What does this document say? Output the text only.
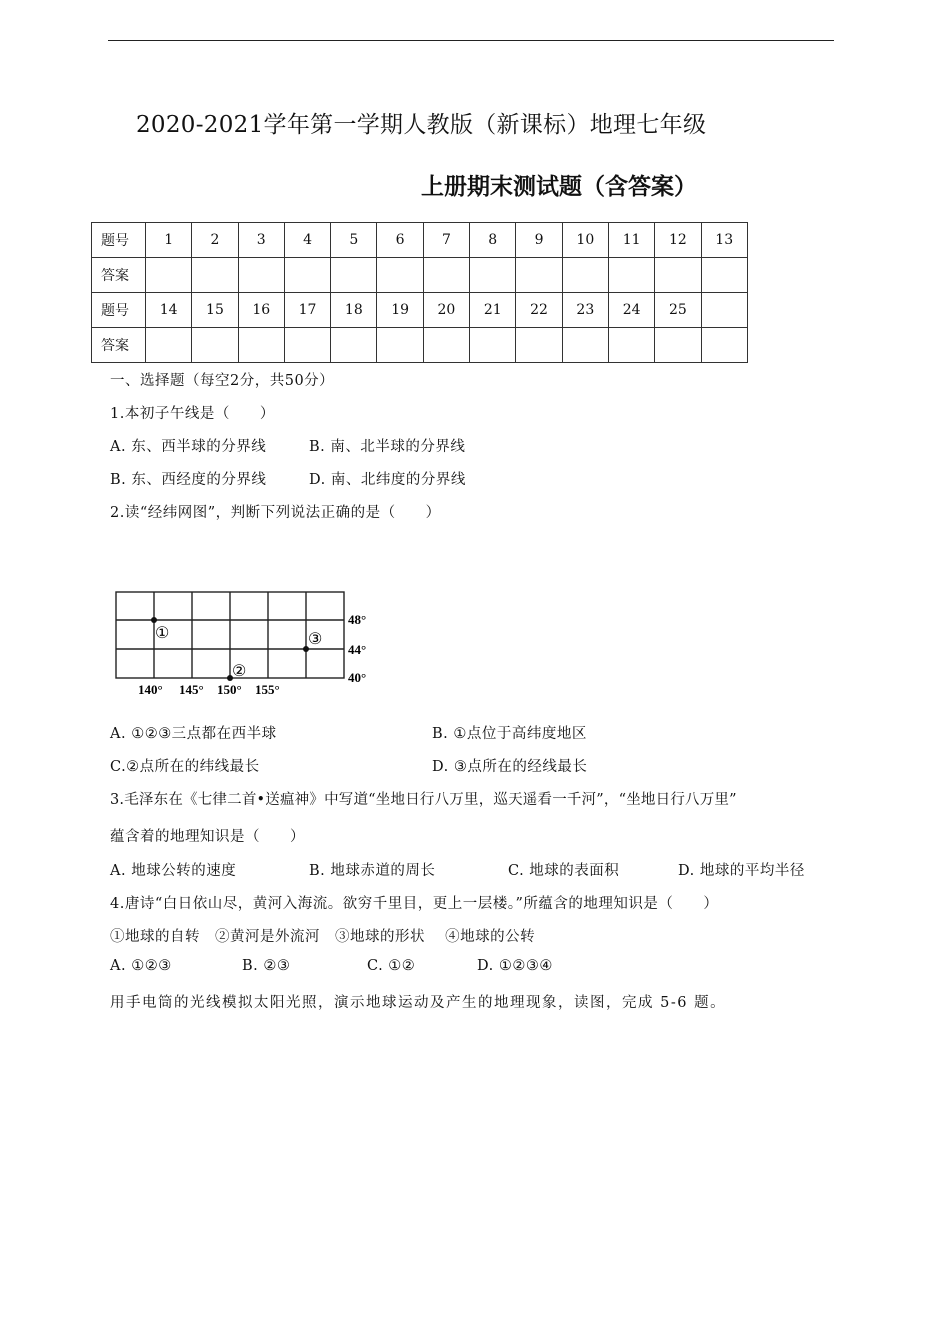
2020-2021学年第一学期人教版（新课标）地理七年级
上册期末测试题（含答案）
题号	1	2	3	4	5	6	7	8	9	10	11	12	13
答案													
题号	14	15	16	17	18	19	20	21	22	23	24	25	
答案													
一、选择题（每空2分，共50分）
1.本初子午线是（　　）
A. 东、西半球的分界线	B. 南、北半球的分界线
B. 东、西经度的分界线	D. 南、北纬度的分界线
2.读“经纬网图”，判断下列说法正确的是（　　）
①
②
③
48°
44°
40°
140° 145° 150° 155°
A. ①②③三点都在西半球	B. ①点位于高纬度地区
C.②点所在的纬线最长	D. ③点所在的经线最长
3.毛泽东在《七律二首•送瘟神》中写道“坐地日行八万里，巡天遥看一千河”，“坐地日行八万里”
蕴含着的地理知识是（　　）
A. 地球公转的速度	B. 地球赤道的周长	C. 地球的表面积	D. 地球的平均半径
4.唐诗“白日依山尽，黄河入海流。欲穷千里目，更上一层楼。”所蕴含的地理知识是（　　）
①地球的自转　②黄河是外流河　③地球的形状　 ④地球的公转
A. ①②③	B. ②③	C. ①②	D. ①②③④
用手电筒的光线模拟太阳光照，演示地球运动及产生的地理现象，读图，完成 5-6 题。
